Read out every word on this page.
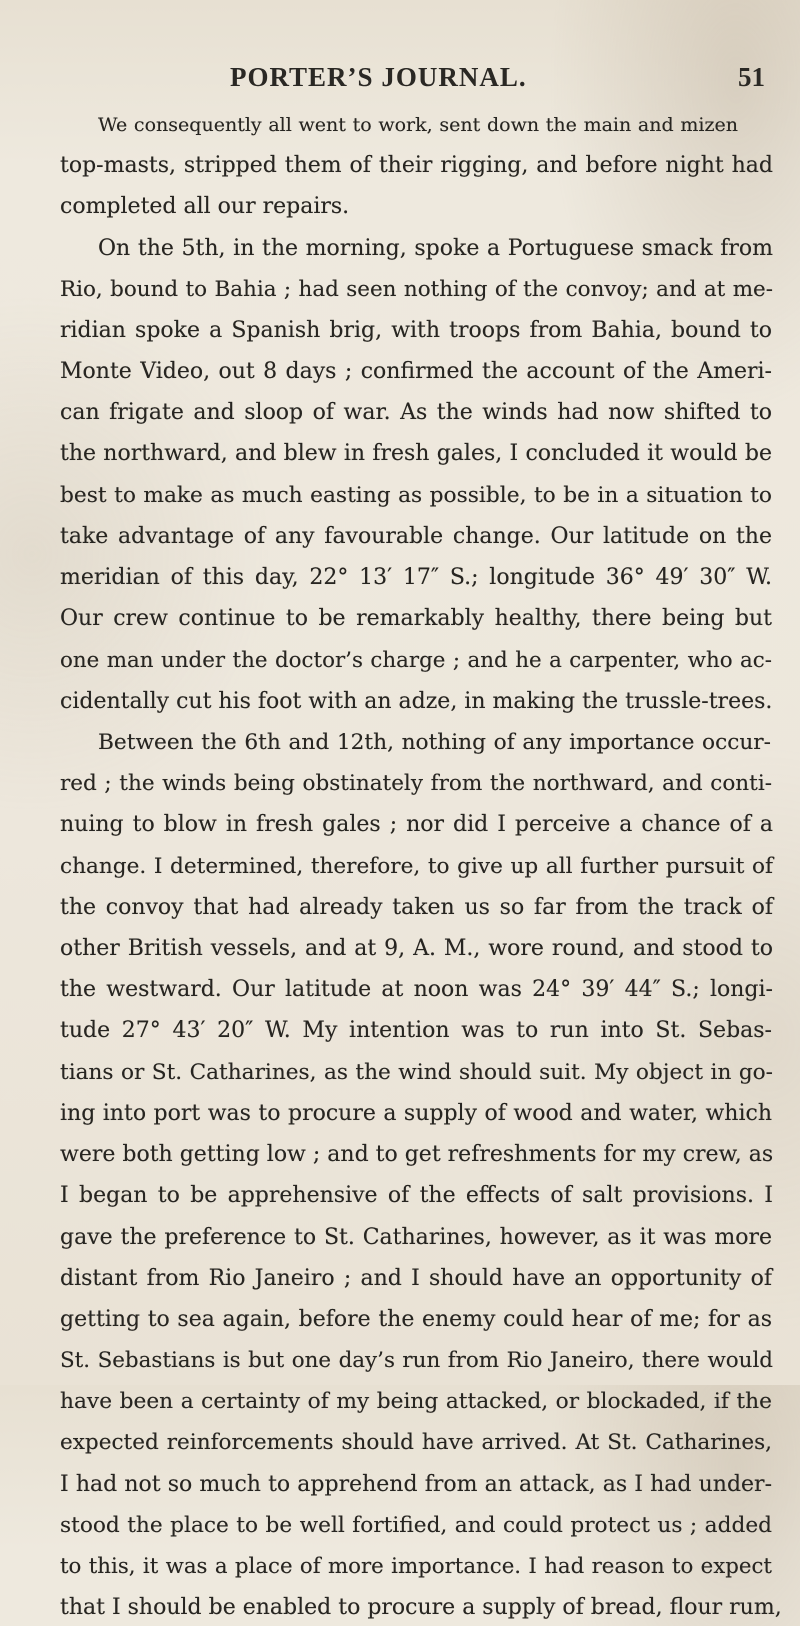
PORTER’S JOURNAL.	51
We consequently all went to work, sent down the main and mizen
top-masts, stripped them of their rigging, and before night had
completed all our repairs.
On the 5th, in the morning, spoke a Portuguese smack from
Rio, bound to Bahia ; had seen nothing of the convoy; and at me-
ridian spoke a Spanish brig, with troops from Bahia, bound to
Monte Video, out 8 days ; confirmed the account of the Ameri-
can frigate and sloop of war. As the winds had now shifted to
the northward, and blew in fresh gales, I concluded it would be
best to make as much easting as possible, to be in a situation to
take advantage of any favourable change. Our latitude on the
meridian of this day, 22° 13′ 17″ S.; longitude 36° 49′ 30″ W.
Our crew continue to be remarkably healthy, there being but
one man under the doctor’s charge ; and he a carpenter, who ac-
cidentally cut his foot with an adze, in making the trussle-trees.
Between the 6th and 12th, nothing of any importance occur-
red ; the winds being obstinately from the northward, and conti-
nuing to blow in fresh gales ; nor did I perceive a chance of a
change. I determined, therefore, to give up all further pursuit of
the convoy that had already taken us so far from the track of
other British vessels, and at 9, A. M., wore round, and stood to
the westward. Our latitude at noon was 24° 39′ 44″ S.; longi-
tude 27° 43′ 20″ W. My intention was to run into St. Sebas-
tians or St. Catharines, as the wind should suit. My object in go-
ing into port was to procure a supply of wood and water, which
were both getting low ; and to get refreshments for my crew, as
I began to be apprehensive of the effects of salt provisions. I
gave the preference to St. Catharines, however, as it was more
distant from Rio Janeiro ; and I should have an opportunity of
getting to sea again, before the enemy could hear of me; for as
St. Sebastians is but one day’s run from Rio Janeiro, there would
have been a certainty of my being attacked, or blockaded, if the
expected reinforcements should have arrived. At St. Catharines,
I had not so much to apprehend from an attack, as I had under-
stood the place to be well fortified, and could protect us ; added
to this, it was a place of more importance. I had reason to expect
that I should be enabled to procure a supply of bread, flour rum,
